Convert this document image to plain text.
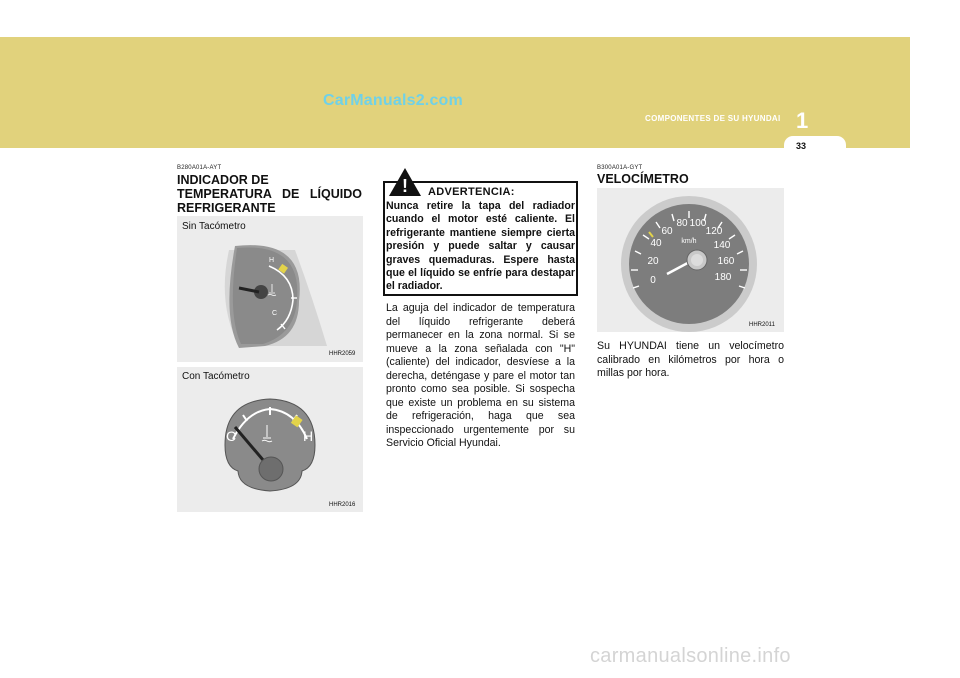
CarManuals2.com
1
COMPONENTES DE SU HYUNDAI
33
B280A01A-AYT
INDICADOR DE
TEMPERATURA DE LÍQUIDO
REFRIGERANTE
H
C
Sin Tacómetro
HHR2059
C	H
Con Tacómetro
HHR2016
! ADVERTENCIA:
Nunca retire la tapa del radiador cuando el motor esté caliente. El refrigerante mantiene siempre cierta presión y puede saltar y causar graves quemaduras. Espere hasta que el líquido se enfríe para destapar el radiador.
La aguja del indicador de temperatura del líquido refrigerante deberá permanecer en la zona normal. Si se mueve a la zona señalada con "H" (caliente) del indicador, desvíese a la derecha, deténgase y pare el motor tan pronto como sea posible. Si sospecha que existe un problema en su sistema de refrigeración, haga que sea inspeccionado urgentemente por su Servicio Oficial Hyundai.
B300A01A-GYT
VELOCÍMETRO
0
20
40
60
80 100
120
140
160
180
km/h
HHR2011
Su HYUNDAI tiene un velocímetro calibrado en kilómetros por hora o millas por hora.
carmanualsonline.info
